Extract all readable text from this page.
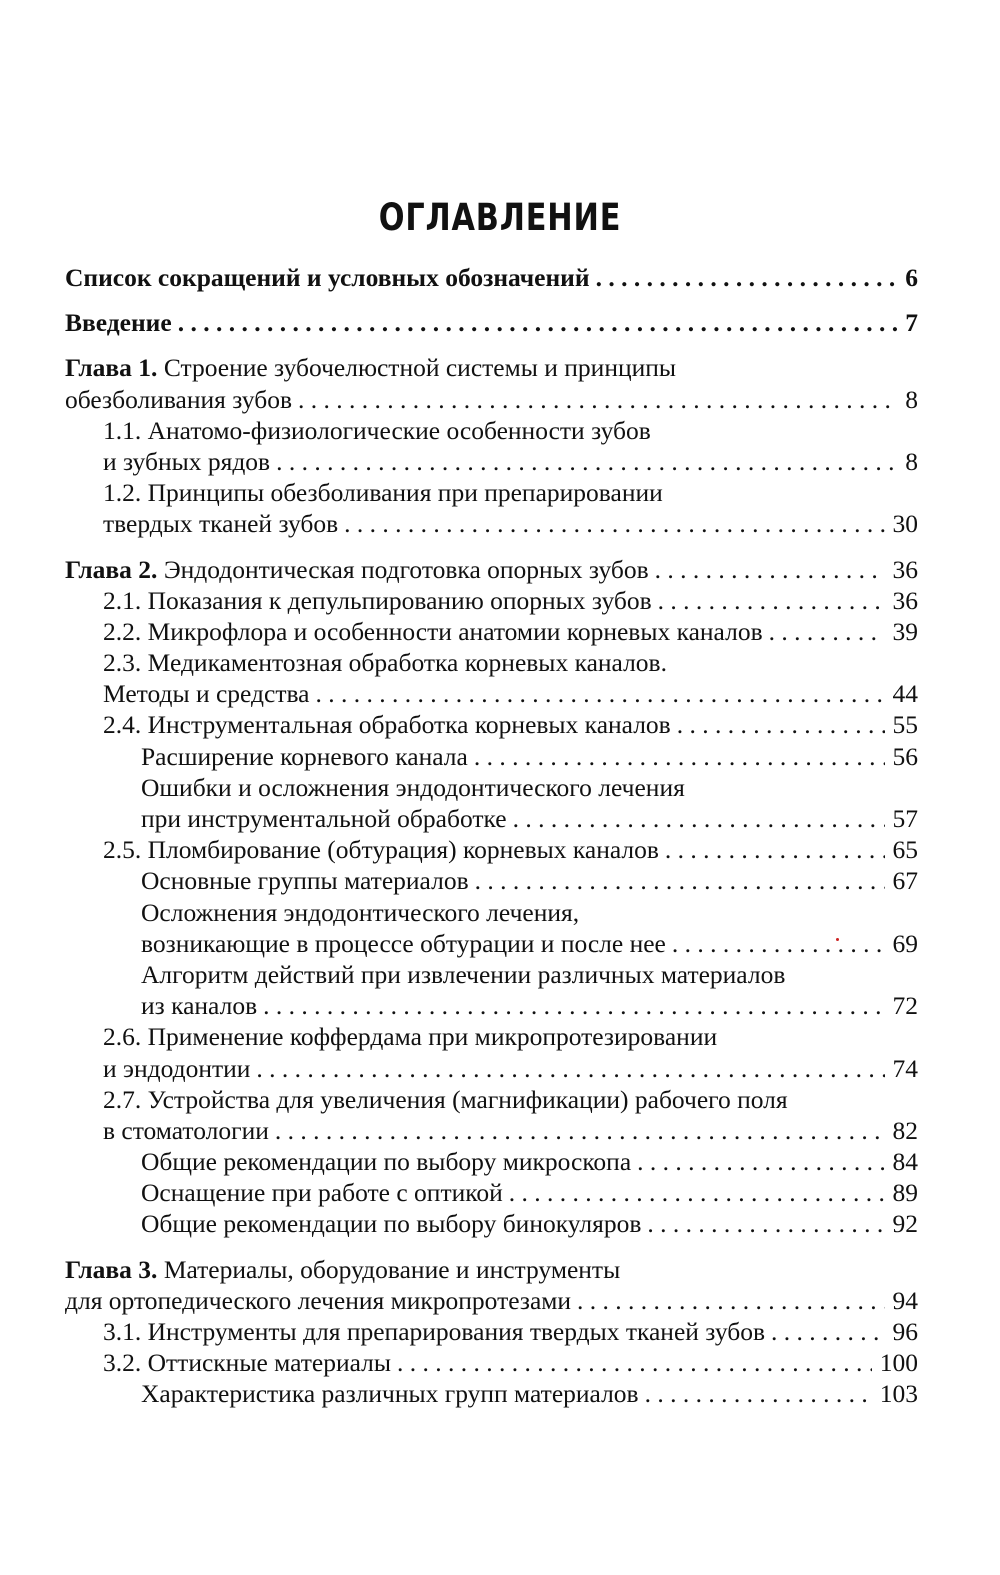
ОГЛАВЛЕНИЕ
Список сокращений и условных обозначений . . .	6
Введение . . .	7
Глава 1. Строение зубочелюстной системы и принципы
обезболивания зубов . . .	8
1.1. Анатомо-физиологические особенности зубов
и зубных рядов . . .	8
1.2. Принципы обезболивания при препарировании
твердых тканей зубов . . .	30
Глава 2. Эндодонтическая подготовка опорных зубов . . .	36
2.1. Показания к депульпированию опорных зубов . . .	36
2.2. Микрофлора и особенности анатомии корневых каналов . . .	39
2.3. Медикаментозная обработка корневых каналов.
Методы и средства . . .	44
2.4. Инструментальная обработка корневых каналов . . .	55
Расширение корневого канала . . .	56
Ошибки и осложнения эндодонтического лечения
при инструментальной обработке . . .	57
2.5. Пломбирование (обтурация) корневых каналов . . .	65
Основные группы материалов . . .	67
Осложнения эндодонтического лечения,
возникающие в процессе обтурации и после нее . . .	69
Алгоритм действий при извлечении различных материалов
из каналов . . .	72
2.6. Применение коффердама при микропротезировании
и эндодонтии . . .	74
2.7. Устройства для увеличения (магнификации) рабочего поля
в стоматологии . . .	82
Общие рекомендации по выбору микроскопа . . .	84
Оснащение при работе с оптикой . . .	89
Общие рекомендации по выбору бинокуляров . . .	92
Глава 3. Материалы, оборудование и инструменты
для ортопедического лечения микропротезами . . .	94
3.1. Инструменты для препарирования твердых тканей зубов . . .	96
3.2. Оттискные материалы . . .	100
Характеристика различных групп материалов . . .	103
